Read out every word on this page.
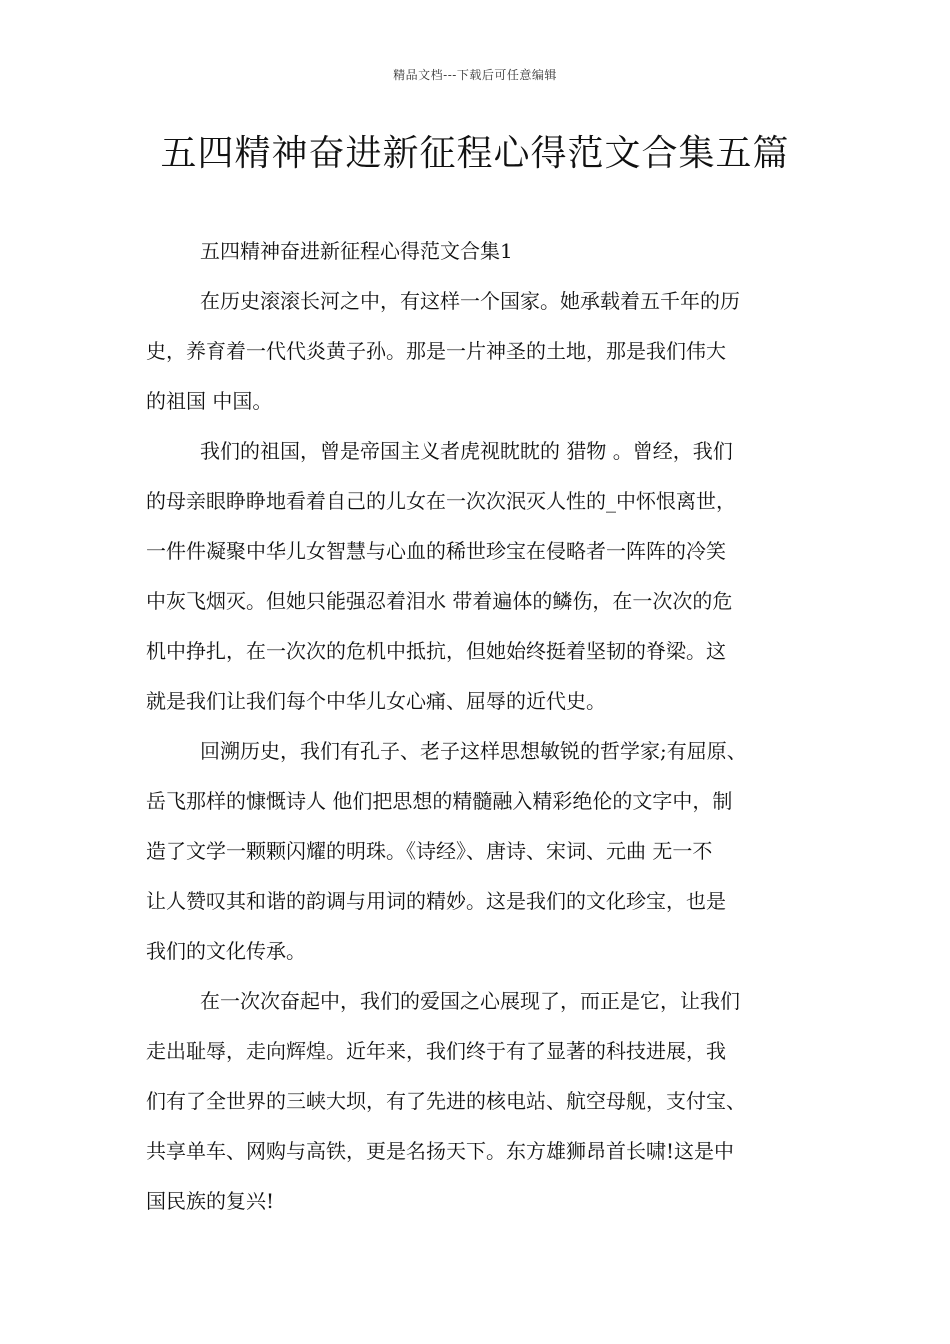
精品文档---下载后可任意编辑
五四精神奋进新征程心得范文合集五篇

五四精神奋进新征程心得范文合集1

在历史滚滚长河之中，有这样一个国家。她承载着五千年的历

史，养育着一代代炎黄子孙。那是一片神圣的土地，那是我们伟大

的祖国 中国。

我们的祖国，曾是帝国主义者虎视眈眈的 猎物 。曾经，我们

的母亲眼睁睁地看着自己的儿女在一次次泯灭人性的_中怀恨离世，

一件件凝聚中华儿女智慧与心血的稀世珍宝在侵略者一阵阵的冷笑

中灰飞烟灭。但她只能强忍着泪水 带着遍体的鳞伤，在一次次的危

机中挣扎，在一次次的危机中抵抗，但她始终挺着坚韧的脊梁。这

就是我们让我们每个中华儿女心痛、屈辱的近代史。

回溯历史，我们有孔子、老子这样思想敏锐的哲学家;有屈原、

岳飞那样的慷慨诗人 他们把思想的精髓融入精彩绝伦的文字中，制

造了文学一颗颗闪耀的明珠。《诗经》、唐诗、宋词、元曲 无一不

让人赞叹其和谐的韵调与用词的精妙。这是我们的文化珍宝，也是

我们的文化传承。

在一次次奋起中，我们的爱国之心展现了，而正是它，让我们

走出耻辱，走向辉煌。近年来，我们终于有了显著的科技进展，我

们有了全世界的三峡大坝，有了先进的核电站、航空母舰，支付宝、

共享单车、网购与高铁，更是名扬天下。东方雄狮昂首长啸!这是中

国民族的复兴!
